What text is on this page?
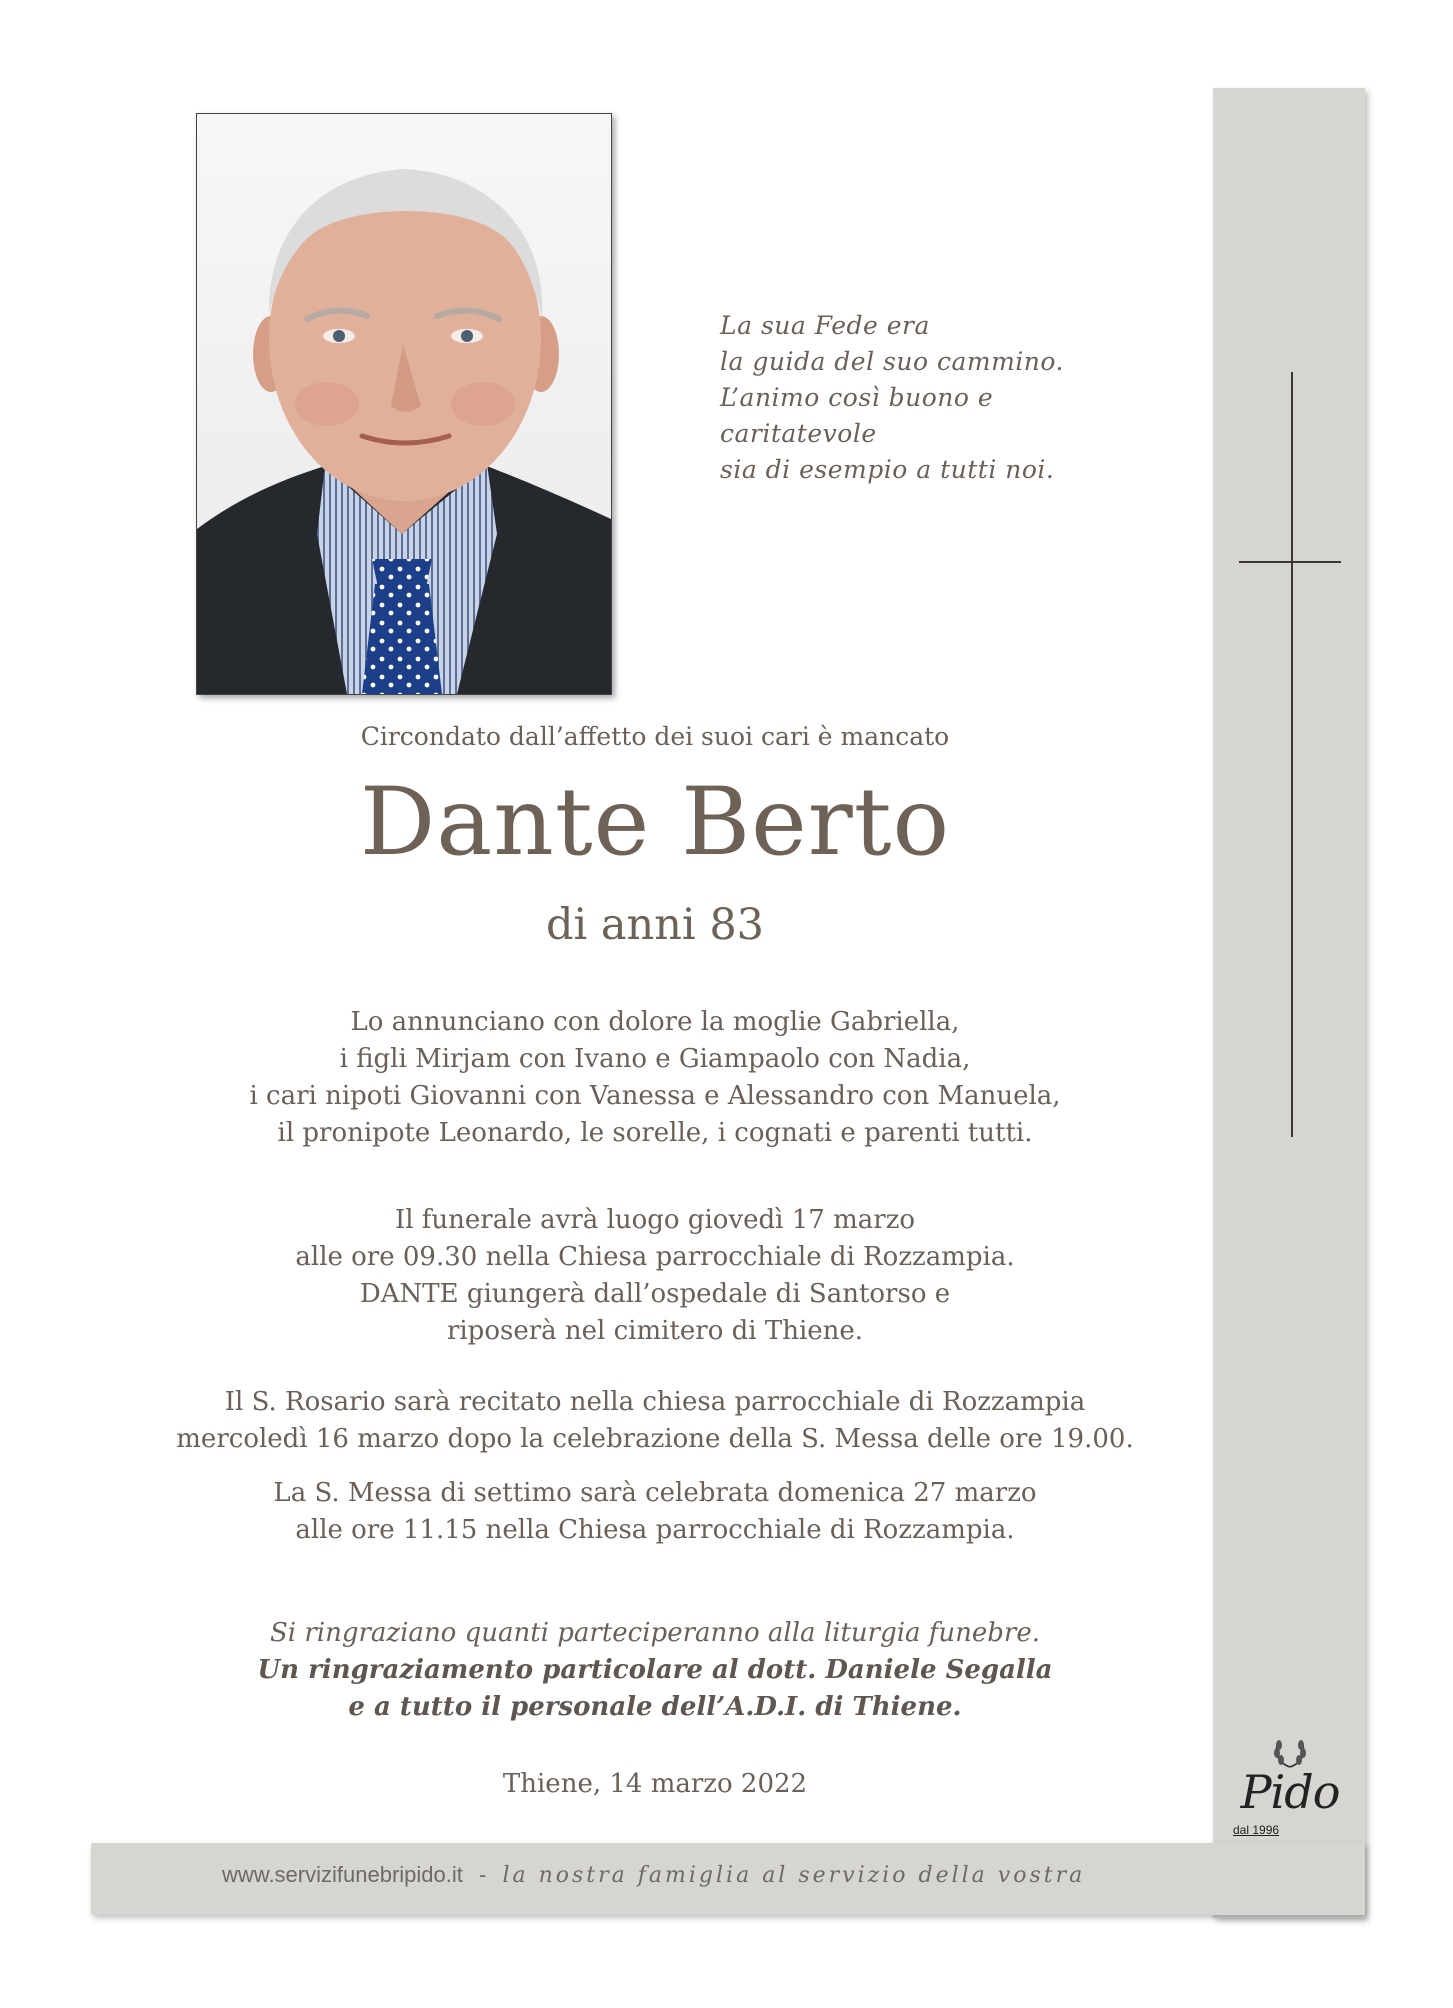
La sua Fede era
la guida del suo cammino.
L’animo così buono e
caritatevole
sia di esempio a tutti noi.
Circondato dall’affetto dei suoi cari è mancato
Dante Berto
di anni 83
Lo annunciano con dolore la moglie Gabriella,
i figli Mirjam con Ivano e Giampaolo con Nadia,
i cari nipoti Giovanni con Vanessa e Alessandro con Manuela,
il pronipote Leonardo, le sorelle, i cognati e parenti tutti.
Il funerale avrà luogo giovedì 17 marzo
alle ore 09.30 nella Chiesa parrocchiale di Rozzampia.
DANTE giungerà dall’ospedale di Santorso e
riposerà nel cimitero di Thiene.
Il S. Rosario sarà recitato nella chiesa parrocchiale di Rozzampia
mercoledì 16 marzo dopo la celebrazione della S. Messa delle ore 19.00.
La S. Messa di settimo sarà celebrata domenica 27 marzo
alle ore 11.15 nella Chiesa parrocchiale di Rozzampia.
Si ringraziano quanti parteciperanno alla liturgia funebre.
Un ringraziamento particolare al dott. Daniele Segalla
e a tutto il personale dell’A.D.I. di Thiene.
Thiene, 14 marzo 2022
www.servizifunebripido.it - la nostra famiglia al servizio della vostra
Pido
dal 1996
